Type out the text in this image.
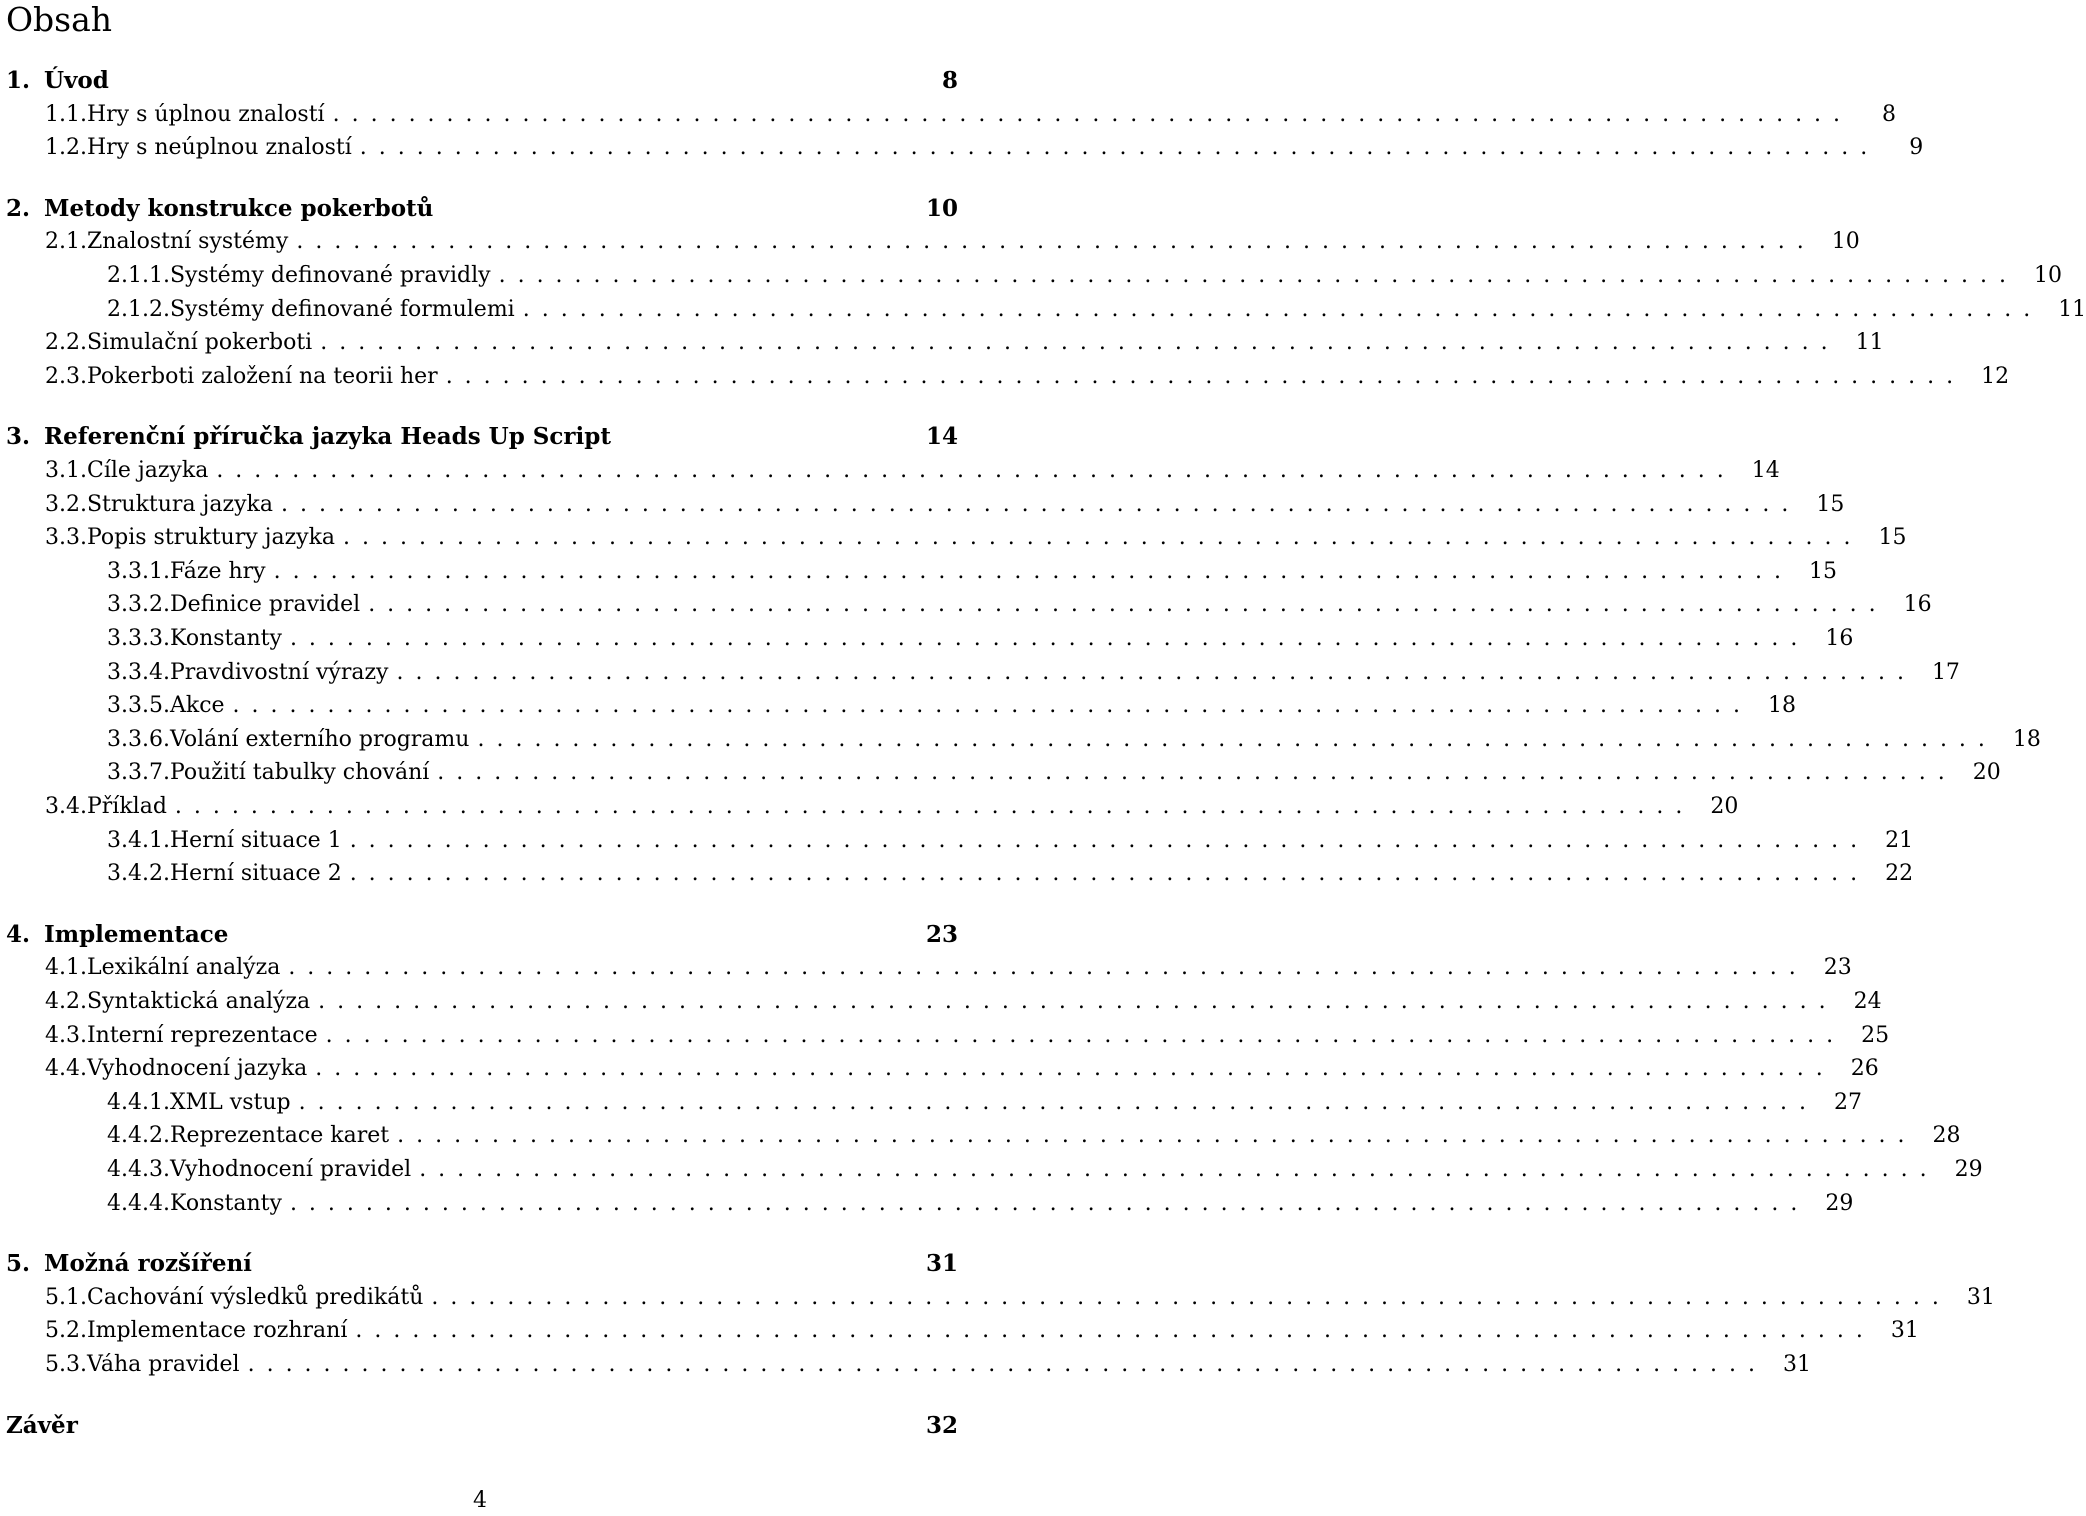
Obsah
1. Úvod	8
1.1. Hry s úplnou znalostí ................................................................................	8
1.2. Hry s neúplnou znalostí ................................................................................	9
2. Metody konstrukce pokerbotů	10
2.1. Znalostní systémy ................................................................................ 10
2.1.1. Systémy definované pravidly ................................................................................ 10
2.1.2. Systémy definované formulemi ................................................................................ 11
2.2. Simulační pokerboti ................................................................................ 11
2.3. Pokerboti založení na teorii her ................................................................................ 12
3. Referenční příručka jazyka Heads Up Script	14
3.1. Cíle jazyka ................................................................................ 14
3.2. Struktura jazyka ................................................................................ 15
3.3. Popis struktury jazyka ................................................................................ 15
3.3.1. Fáze hry ................................................................................ 15
3.3.2. Definice pravidel ................................................................................ 16
3.3.3. Konstanty ................................................................................ 16
3.3.4. Pravdivostní výrazy ................................................................................ 17
3.3.5. Akce ................................................................................ 18
3.3.6. Volání externího programu ................................................................................ 18
3.3.7. Použití tabulky chování ................................................................................ 20
3.4. Příklad ................................................................................ 20
3.4.1. Herní situace 1 ................................................................................ 21
3.4.2. Herní situace 2 ................................................................................ 22
4. Implementace	23
4.1. Lexikální analýza ................................................................................ 23
4.2. Syntaktická analýza ................................................................................ 24
4.3. Interní reprezentace ................................................................................ 25
4.4. Vyhodnocení jazyka ................................................................................ 26
4.4.1. XML vstup ................................................................................ 27
4.4.2. Reprezentace karet ................................................................................ 28
4.4.3. Vyhodnocení pravidel ................................................................................ 29
4.4.4. Konstanty ................................................................................ 29
5. Možná rozšíření	31
5.1. Cachování výsledků predikátů ................................................................................ 31
5.2. Implementace rozhraní ................................................................................ 31
5.3. Váha pravidel ................................................................................ 31
Závěr	32
4
